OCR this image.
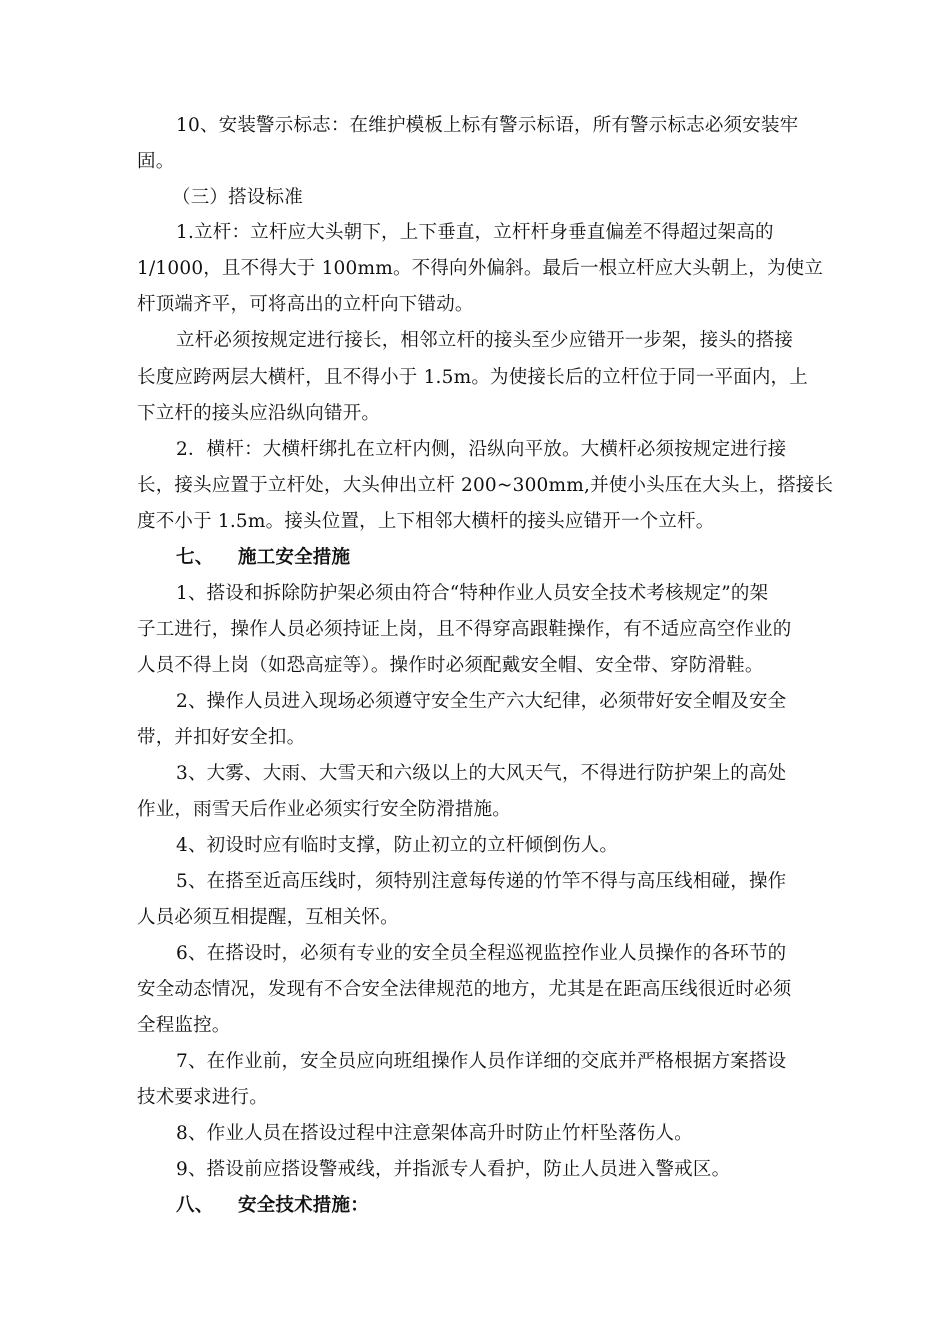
10、安装警示标志：在维护模板上标有警示标语，所有警示标志必须安装牢
固。
（三）搭设标准
1.立杆：立杆应大头朝下，上下垂直，立杆杆身垂直偏差不得超过架高的
1/1000，且不得大于 100mm。不得向外偏斜。最后一根立杆应大头朝上，为使立
杆顶端齐平，可将高出的立杆向下错动。
立杆必须按规定进行接长，相邻立杆的接头至少应错开一步架，接头的搭接
长度应跨两层大横杆，且不得小于 1.5m。为使接长后的立杆位于同一平面内，上
下立杆的接头应沿纵向错开。
2．横杆：大横杆绑扎在立杆内侧，沿纵向平放。大横杆必须按规定进行接
长，接头应置于立杆处，大头伸出立杆 200~300mm,并使小头压在大头上，搭接长
度不小于 1.5m。接头位置，上下相邻大横杆的接头应错开一个立杆。
七、 施工安全措施
1、搭设和拆除防护架必须由符合“特种作业人员安全技术考核规定”的架
子工进行，操作人员必须持证上岗，且不得穿高跟鞋操作，有不适应高空作业的
人员不得上岗（如恐高症等）。操作时必须配戴安全帽、安全带、穿防滑鞋。
2、操作人员进入现场必须遵守安全生产六大纪律，必须带好安全帽及安全
带，并扣好安全扣。
3、大雾、大雨、大雪天和六级以上的大风天气，不得进行防护架上的高处
作业，雨雪天后作业必须实行安全防滑措施。
4、初设时应有临时支撑，防止初立的立杆倾倒伤人。
5、在搭至近高压线时，须特别注意每传递的竹竿不得与高压线相碰，操作
人员必须互相提醒，互相关怀。
6、在搭设时，必须有专业的安全员全程巡视监控作业人员操作的各环节的
安全动态情况，发现有不合安全法律规范的地方，尤其是在距高压线很近时必须
全程监控。
7、在作业前，安全员应向班组操作人员作详细的交底并严格根据方案搭设
技术要求进行。
8、作业人员在搭设过程中注意架体高升时防止竹杆坠落伤人。
9、搭设前应搭设警戒线，并指派专人看护，防止人员进入警戒区。
八、 安全技术措施：
